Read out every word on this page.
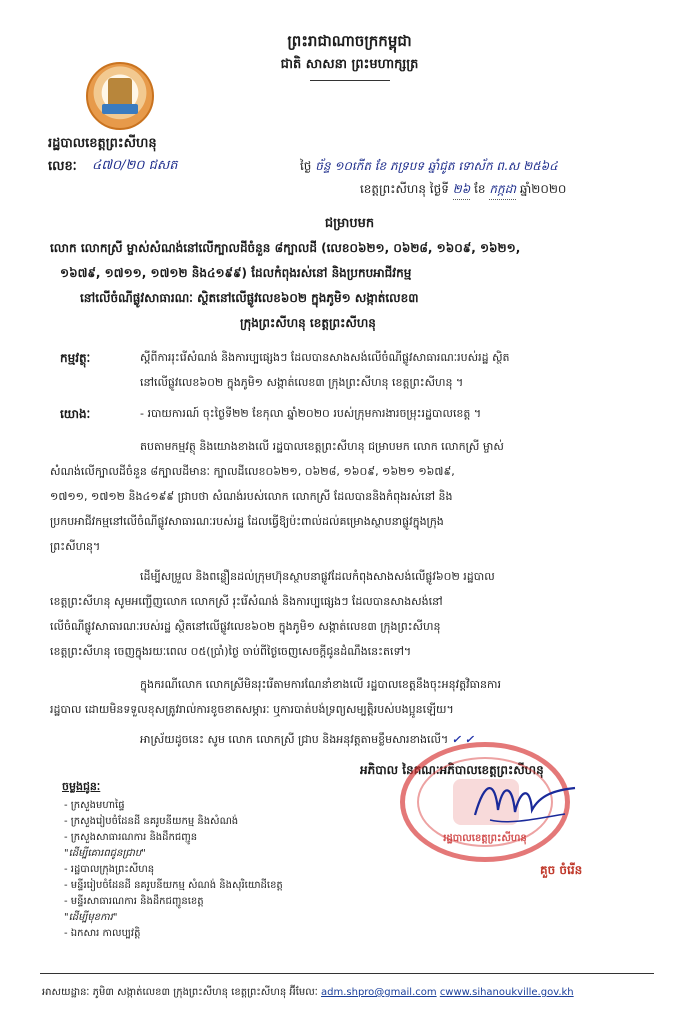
ព្រះរាជាណាចក្រកម្ពុជា
ជាតិ សាសនា ព្រះមហាក្សត្រ
រដ្ឋបាលខេត្តព្រះសីហនុ
លេខៈ ៤៧០/២០ ជសត	ថ្ងៃ ច័ន្ទ ១០កើត ខែ ភទ្របទ ឆ្នាំជូត ទោស័ក ព.ស ២៥៦៤
ខេត្តព្រះសីហនុ ថ្ងៃទី ២៦ ខែ កក្កដា ឆ្នាំ២០២០
ជម្រាបមក
លោក លោកស្រី ម្ចាស់សំណង់នៅលើក្បាលដីចំនួន ៨ក្បាលដី (លេខ០៦២១, ០៦២៨, ១៦០៩, ១៦២១,
១៦៧៩, ១៧១១, ១៧១២ និង៤១៩៩) ដែលកំពុងរស់នៅ និងប្រកបអាជីវកម្ម
នៅលើចំណីផ្លូវសាធារណៈ ស្ថិតនៅលើផ្លូវលេខ៦០២ ក្នុងភូមិ១ សង្កាត់លេខ៣
ក្រុងព្រះសីហនុ ខេត្តព្រះសីហនុ
កម្មវត្ថុៈ	ស្តីពីការរុះរើសំណង់ និងការប្បផ្សេងៗ ដែលបានសាងសង់លើចំណីផ្លូវសាធារណៈរបស់រដ្ឋ ស្ថិត
នៅលើផ្លូវលេខ៦០២ ក្នុងភូមិ១ សង្កាត់លេខ៣ ក្រុងព្រះសីហនុ ខេត្តព្រះសីហនុ ។
យោងៈ	- របាយការណ៍ ចុះថ្ងៃទី២២ ខែកុលា ឆ្នាំ២០២០ របស់ក្រុមការងារចម្រុះរដ្ឋបាលខេត្ត ។
តបតាមកម្មវត្ថុ និងយោងខាងលើ រដ្ឋបាលខេត្តព្រះសីហនុ ជម្រាបមក លោក លោកស្រី ម្ចាស់
សំណង់លើក្បាលដីចំនួន ៨ក្បាលដីមានៈ ក្បាលដីលេខ០៦២១, ០៦២៨, ១៦០៩, ១៦២១ ១៦៧៩,
១៧១១, ១៧១២ និង៤១៩៩ ជ្រាបថា សំណង់របស់លោក លោកស្រី ដែលបាននិងកំពុងរស់នៅ និង
ប្រកបអាជីវកម្មនៅលើចំណីផ្លូវសាធារណៈរបស់រដ្ឋ ដែលធ្វើឱ្យប៉ះពាល់ដល់គម្រោងស្ថាបនាផ្លូវក្នុងក្រុង
ព្រះសីហនុ។
ដើម្បីសម្រួល និងពន្លឿនដល់ក្រុមហ៊ុនស្ថាបនាផ្លូវដែលកំពុងសាងសង់លើផ្លូវ៦០២ រដ្ឋបាល
ខេត្តព្រះសីហនុ សូមអញ្ជើញលោក លោកស្រី រុះរើសំណង់ និងការប្បផ្សេងៗ ដែលបានសាងសង់នៅ
លើចំណីផ្លូវសាធារណៈរបស់រដ្ឋ ស្ថិតនៅលើផ្លូវលេខ៦០២ ក្នុងភូមិ១ សង្កាត់លេខ៣ ក្រុងព្រះសីហនុ
ខេត្តព្រះសីហនុ ចេញក្នុងរយៈពេល ០៥(ប្រាំ)ថ្ងៃ ចាប់ពីថ្ងៃចេញសេចក្តីជូនដំណឹងនេះតទៅ។
ក្នុងករណីលោក លោកស្រីមិនរុះរើតាមការណែនាំខាងលើ រដ្ឋបាលខេត្តនឹងចុះអនុវត្តវិធានការ
រដ្ឋបាល ដោយមិនទទួលខុសត្រូវរាល់ការខូចខាតសម្ភារៈ ឬការបាត់បង់ទ្រព្យសម្បត្តិរបស់បងប្អូនឡើយ។
អាស្រ័យដូចនេះ សូម លោក លោកស្រី ជ្រាប និងអនុវត្តតាមខ្លឹមសារខាងលើ។ ✓ ✓
អភិបាល នៃគណៈអភិបាលខេត្តព្រះសីហនុ
រដ្ឋបាលខេត្តព្រះសីហនុ
គួច ចំរើន
ចម្លងជូនៈ
- ក្រសួងមហាផ្ទៃ
- ក្រសួងរៀបចំដែនដី នគរូបនីយកម្ម និងសំណង់
- ក្រសួងសាធារណការ និងដឹកជញ្ជូន
"ដើម្បីគោរពជូនជ្រាប"
- រដ្ឋបាលក្រុងព្រះសីហនុ
- មន្ទីររៀបចំដែនដី នគរូបនីយកម្ម សំណង់ និងសុរិយោដីខេត្ត
- មន្ទីរសាធារណការ និងដឹកជញ្ជូនខេត្ត
"ដើម្បីមុខការ"
- ឯកសារ កាលប្បវត្តិ
អាសយដ្ឋានៈ ភូមិ៣ សង្កាត់លេខ៣ ក្រុងព្រះសីហនុ ខេត្តព្រះសីហនុ អ៊ីមែលៈ adm.shpro@gmail.com cwww.sihanoukville.gov.kh
